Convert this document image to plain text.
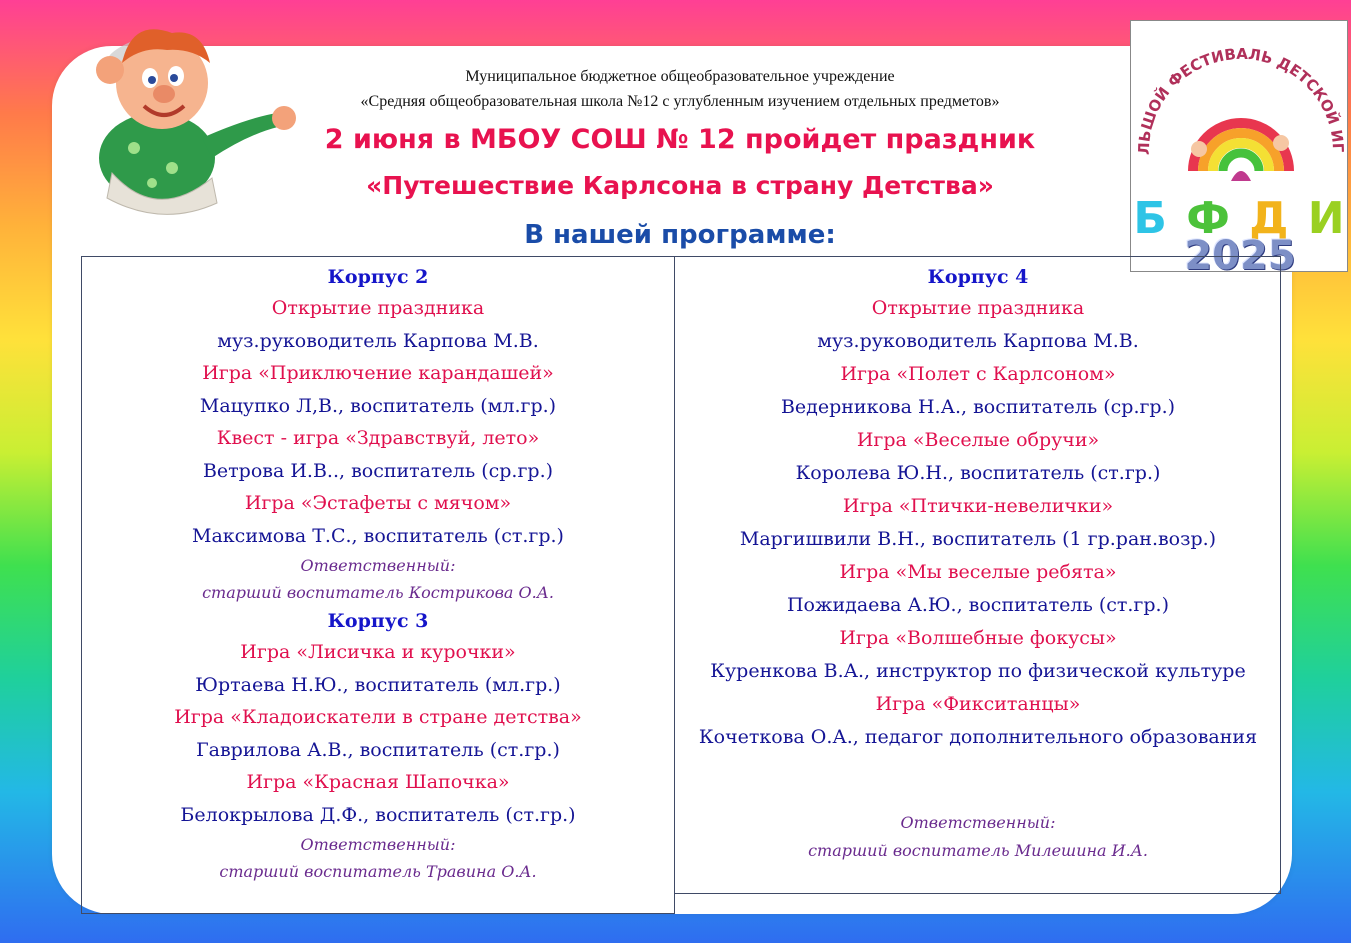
ЛЬШОЙ ФЕСТИВАЛЬ ДЕТСКОЙ ИГ
Б Ф Д И
2025
Муниципальное бюджетное общеобразовательное учреждение
«Средняя общеобразовательная школа №12 с углубленным изучением отдельных предметов»
2 июня в МБОУ СОШ № 12 пройдет праздник
«Путешествие Карлсона в страну Детства»
В нашей программе:
Корпус 2
Открытие праздника
муз.руководитель Карпова М.В.
Игра «Приключение карандашей»
Мацупко Л,В., воспитатель (мл.гр.)
Квест - игра «Здравствуй, лето»
Ветрова И.В.., воспитатель (ср.гр.)
Игра «Эстафеты с мячом»
Максимова Т.С., воспитатель (ст.гр.)
Ответственный:
старший воспитатель Кострикова О.А.
Корпус 3
Игра «Лисичка и курочки»
Юртаева Н.Ю., воспитатель (мл.гр.)
Игра «Кладоискатели в стране детства»
Гаврилова А.В., воспитатель (ст.гр.)
Игра «Красная Шапочка»
Белокрылова Д.Ф., воспитатель (ст.гр.)
Ответственный:
старший воспитатель Травина О.А.
Корпус 4
Открытие праздника
муз.руководитель Карпова М.В.
Игра «Полет с Карлсоном»
Ведерникова Н.А., воспитатель (ср.гр.)
Игра «Веселые обручи»
Королева Ю.Н., воспитатель (ст.гр.)
Игра «Птички-невелички»
Маргишвили В.Н., воспитатель (1 гр.ран.возр.)
Игра «Мы веселые ребята»
Пожидаева А.Ю., воспитатель (ст.гр.)
Игра «Волшебные фокусы»
Куренкова В.А., инструктор по физической культуре
Игра «Фикситанцы»
Кочеткова О.А., педагог дополнительного образования
Ответственный:
старший воспитатель Милешина И.А.
